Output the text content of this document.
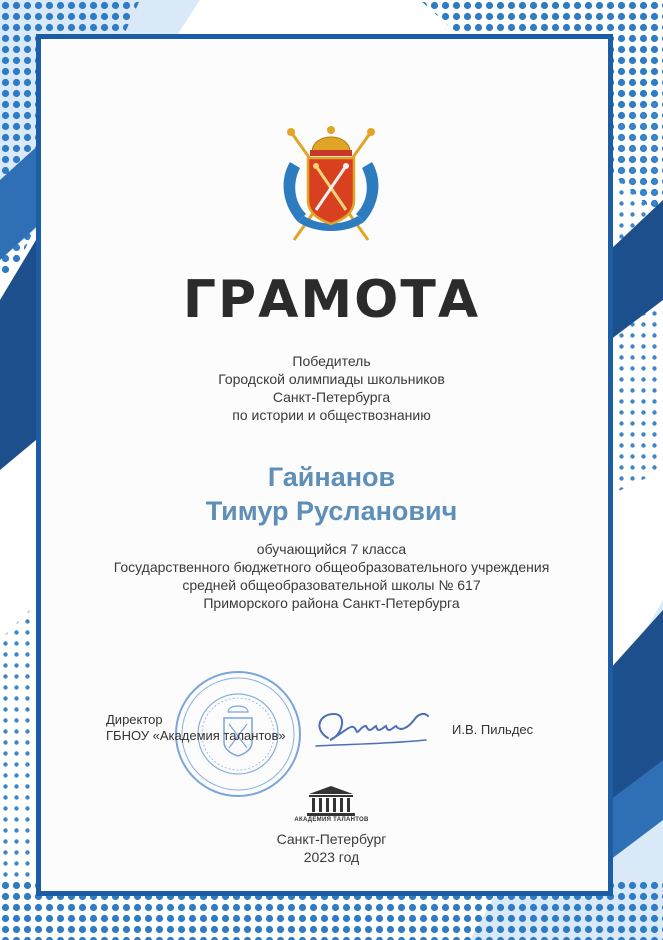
ГРАМОТА
Победитель
Городской олимпиады школьников
Санкт-Петербурга
по истории и обществознанию
Гайнанов
Тимур Русланович
обучающийся 7 класса
Государственного бюджетного общеобразовательного учреждения
средней общеобразовательной школы № 617
Приморского района Санкт-Петербурга
Директор
ГБНОУ «Академия талантов»	И.В. Пильдес
АКАДЕМИЯ ТАЛАНТОВ
Санкт-Петербург
2023 год
